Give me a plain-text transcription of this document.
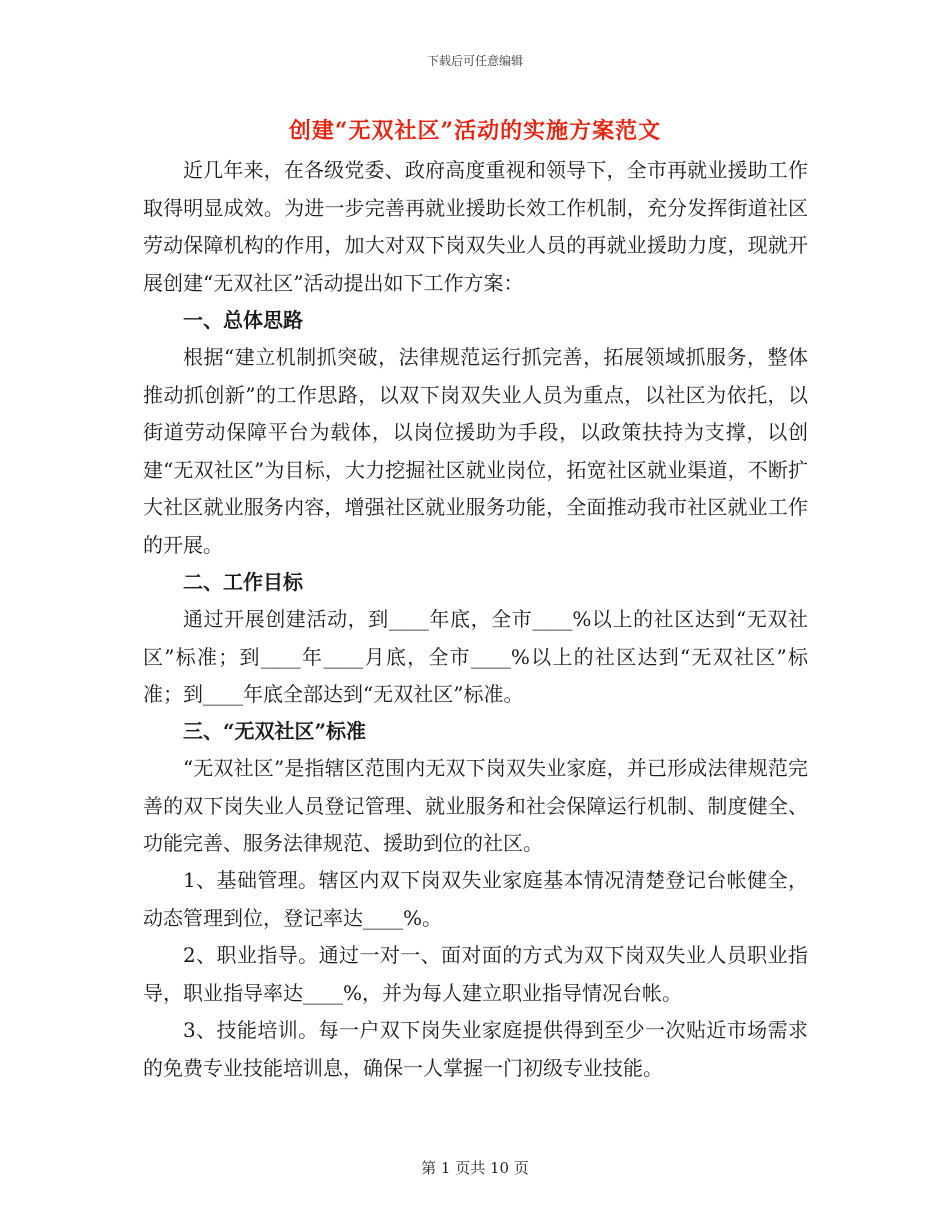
下载后可任意编辑
创建“无双社区”活动的实施方案范文
近几年来，在各级党委、政府高度重视和领导下，全市再就业援助工作取得明显成效。为进一步完善再就业援助长效工作机制，充分发挥街道社区劳动保障机构的作用，加大对双下岗双失业人员的再就业援助力度，现就开展创建“无双社区”活动提出如下工作方案：
一、总体思路
根据“建立机制抓突破，法律规范运行抓完善，拓展领域抓服务，整体推动抓创新”的工作思路，以双下岗双失业人员为重点，以社区为依托，以街道劳动保障平台为载体，以岗位援助为手段，以政策扶持为支撑，以创建“无双社区”为目标，大力挖掘社区就业岗位，拓宽社区就业渠道，不断扩大社区就业服务内容，增强社区就业服务功能，全面推动我市社区就业工作的开展。
二、工作目标
通过开展创建活动，到____年底，全市____%以上的社区达到“无双社区”标准；到____年____月底，全市____%以上的社区达到“无双社区”标准；到____年底全部达到“无双社区”标准。
三、“无双社区”标准
“无双社区”是指辖区范围内无双下岗双失业家庭，并已形成法律规范完善的双下岗失业人员登记管理、就业服务和社会保障运行机制、制度健全、功能完善、服务法律规范、援助到位的社区。
1、基础管理。辖区内双下岗双失业家庭基本情况清楚登记台帐健全，动态管理到位，登记率达____%。
2、职业指导。通过一对一、面对面的方式为双下岗双失业人员职业指导，职业指导率达____%，并为每人建立职业指导情况台帐。
3、技能培训。每一户双下岗失业家庭提供得到至少一次贴近市场需求的免费专业技能培训息，确保一人掌握一门初级专业技能。
第 1 页共 10 页
